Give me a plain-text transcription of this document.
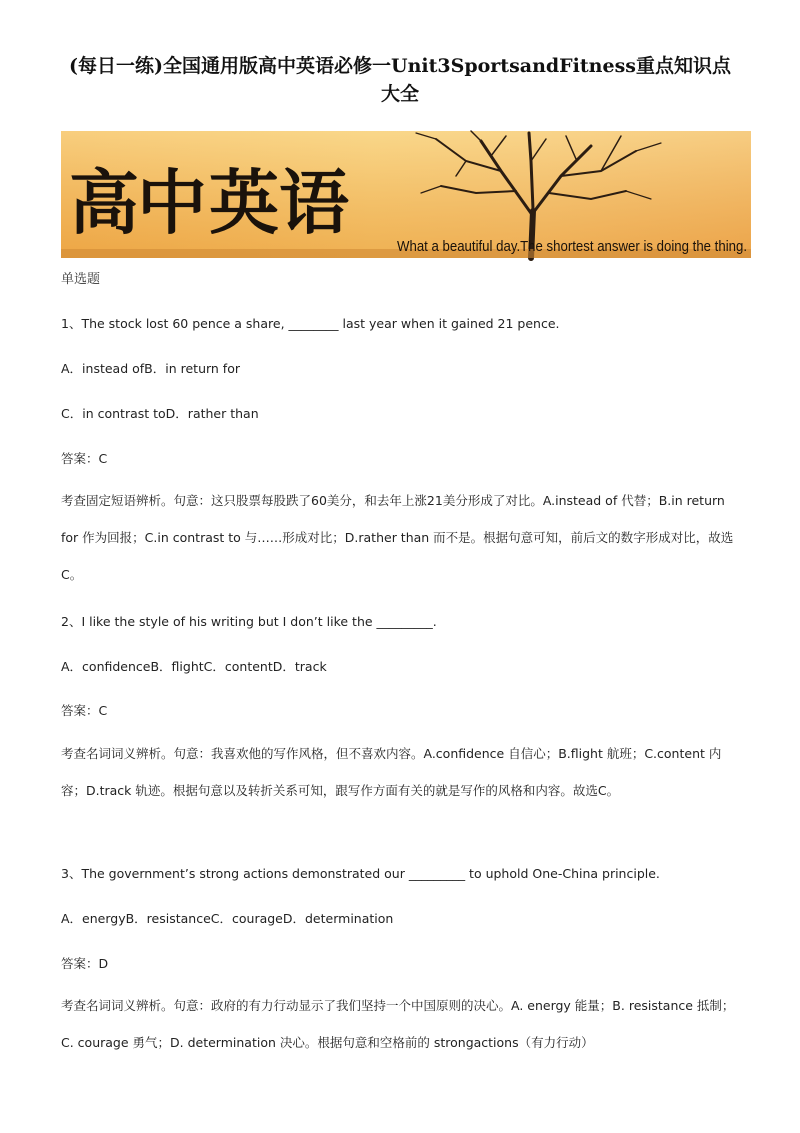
(每日一练)全国通用版高中英语必修一Unit3SportsandFitness重点知识点
大全
高
中 英 语
What a beautiful day.The shortest answer is doing the thing.
单选题
1、The stock lost 60 pence a share, ________ last year when it gained 21 pence.
A．instead ofB．in return for
C．in contrast toD．rather than
答案：C
考查固定短语辨析。句意：这只股票每股跌了60美分，和去年上涨21美分形成了对比。A.instead of 代替；B.in return for 作为回报；C.in contrast to 与……形成对比；D.rather than 而不是。根据句意可知，前后文的数字形成对比，故选C。
2、I like the style of his writing but I don’t like the _________.
A．confidenceB．flightC．contentD．track
答案：C
考查名词词义辨析。句意：我喜欢他的写作风格，但不喜欢内容。A.confidence 自信心；B.flight 航班；C.content 内容；D.track 轨迹。根据句意以及转折关系可知，跟写作方面有关的就是写作的风格和内容。故选C。
3、The government’s strong actions demonstrated our _________ to uphold One-China principle.
A．energyB．resistanceC．courageD．determination
答案：D
考查名词词义辨析。句意：政府的有力行动显示了我们坚持一个中国原则的决心。A. energy 能量；B. resistance 抵制；C. courage 勇气；D. determination 决心。根据句意和空格前的 strongactions（有力行动）
